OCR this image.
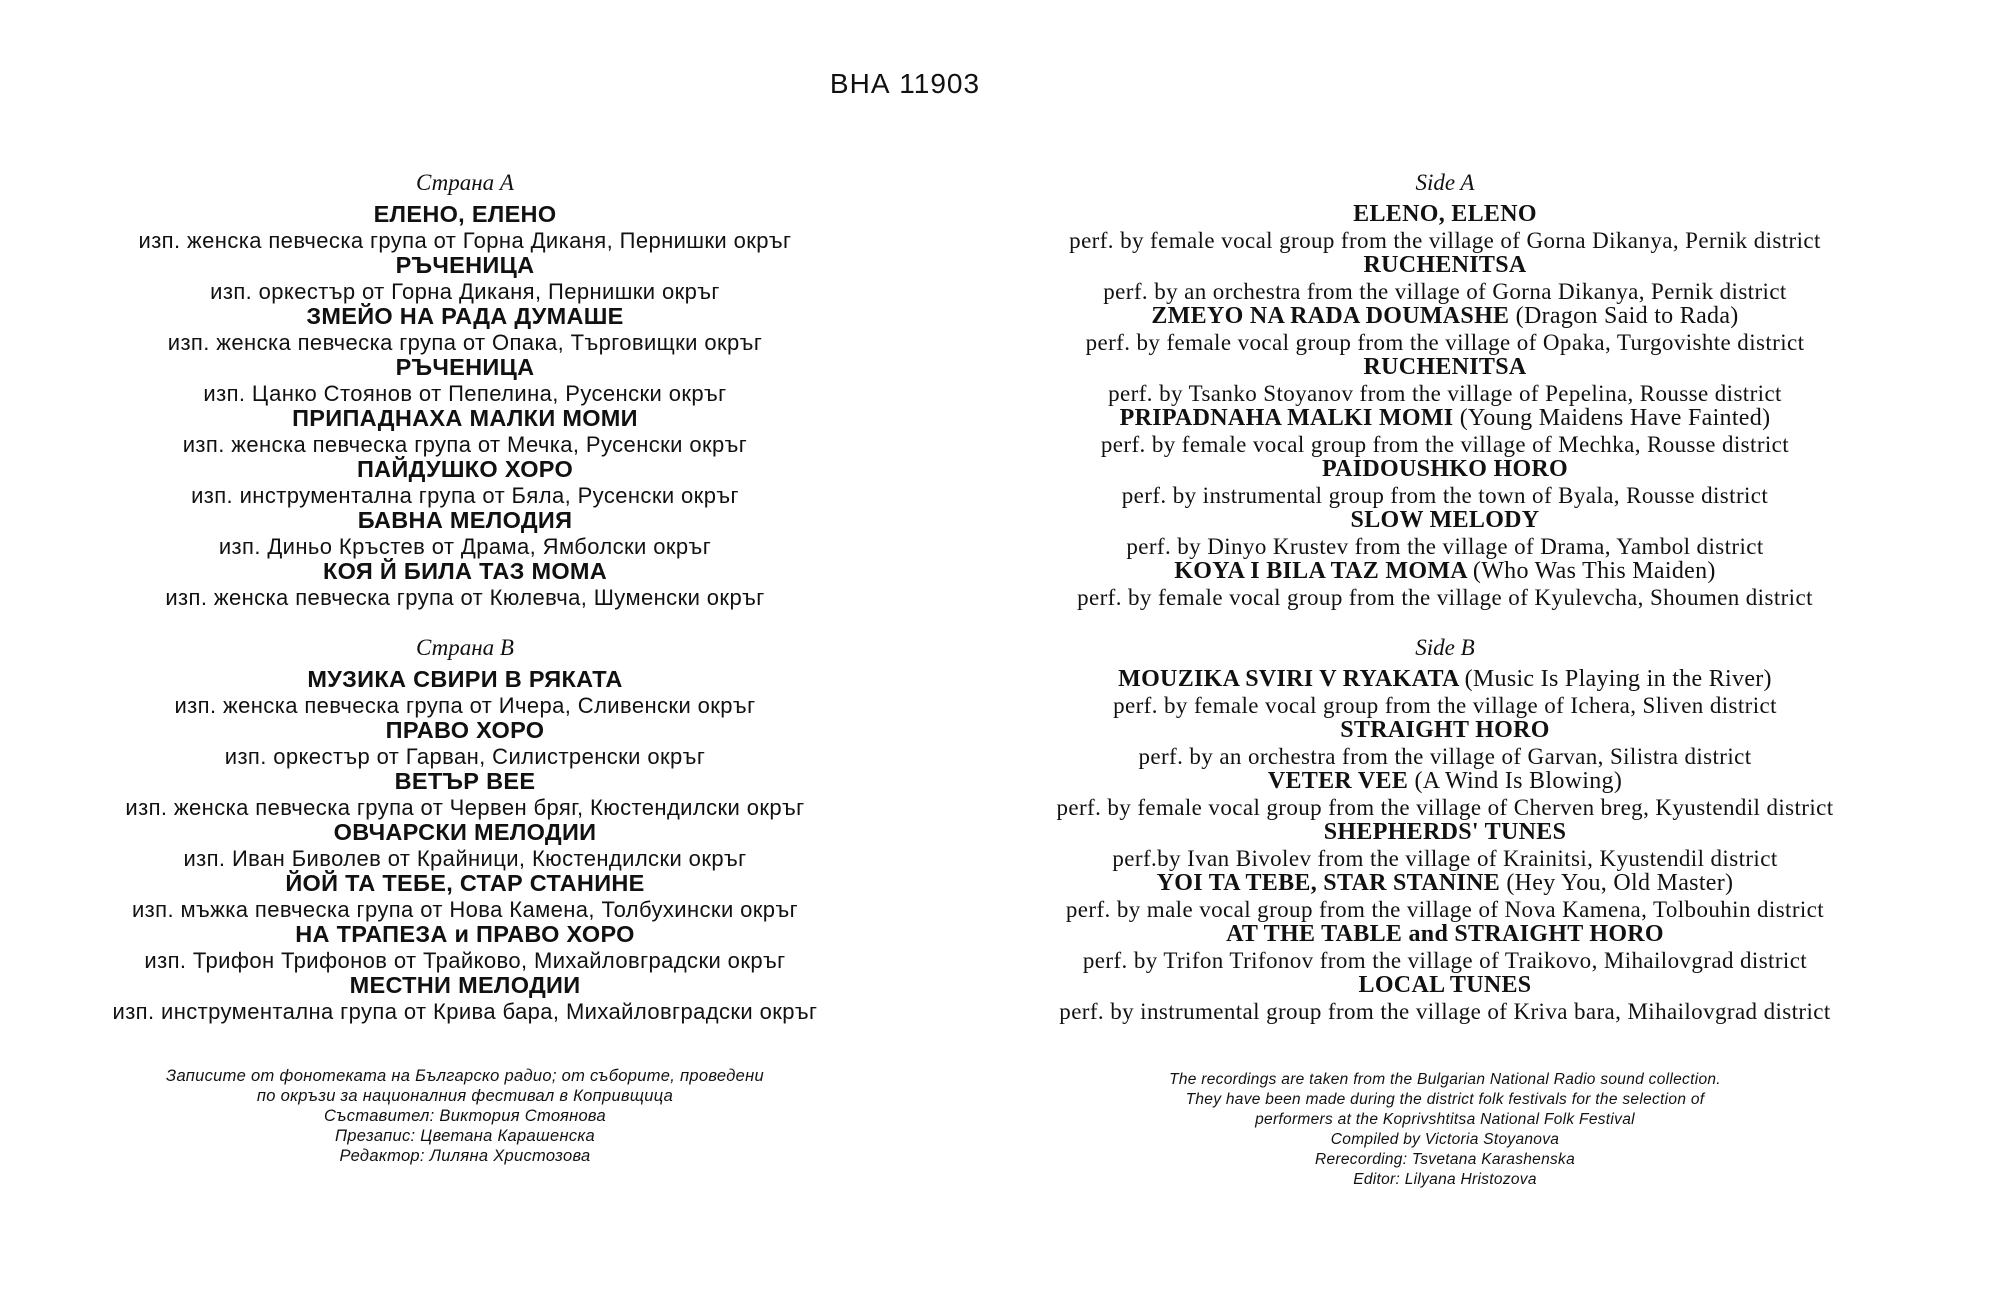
ВНА 11903
Страна А
ЕЛЕНО, ЕЛЕНО
изп. женска певческа група от Горна Диканя, Пернишки окръг
РЪЧЕНИЦА
изп. оркестър от Горна Диканя, Пернишки окръг
ЗМЕЙО НА РАДА ДУМАШЕ
изп. женска певческа група от Опака, Търговищки окръг
РЪЧЕНИЦА
изп. Цанко Стоянов от Пепелина, Русенски окръг
ПРИПАДНАХА МАЛКИ МОМИ
изп. женска певческа група от Мечка, Русенски окръг
ПАЙДУШКО ХОРО
изп. инструментална група от Бяла, Русенски окръг
БАВНА МЕЛОДИЯ
изп. Диньо Кръстев от Драма, Ямболски окръг
КОЯ Й БИЛА ТАЗ МОМА
изп. женска певческа група от Кюлевча, Шуменски окръг
Страна В
МУЗИКА СВИРИ В РЯКАТА
изп. женска певческа група от Ичера, Сливенски окръг
ПРАВО ХОРО
изп. оркестър от Гарван, Силистренски окръг
ВЕТЪР ВЕЕ
изп. женска певческа група от Червен бряг, Кюстендилски окръг
ОВЧАРСКИ МЕЛОДИИ
изп. Иван Биволев от Крайници, Кюстендилски окръг
ЙОЙ ТА ТЕБЕ, СТАР СТАНИНЕ
изп. мъжка певческа група от Нова Камена, Толбухински окръг
НА ТРАПЕЗА и ПРАВО ХОРО
изп. Трифон Трифонов от Трайково, Михайловградски окръг
МЕСТНИ МЕЛОДИИ
изп. инструментална група от Крива бара, Михайловградски окръг
Side A
ELENO, ELENO
perf. by female vocal group from the village of Gorna Dikanya, Pernik district
RUCHENITSA
perf. by an orchestra from the village of Gorna Dikanya, Pernik district
ZMEYO NA RADA DOUMASHE (Dragon Said to Rada)
perf. by female vocal group from the village of Opaka, Turgovishte district
RUCHENITSA
perf. by Tsanko Stoyanov from the village of Pepelina, Rousse district
PRIPADNAHA MALKI MOMI (Young Maidens Have Fainted)
perf. by female vocal group from the village of Mechka, Rousse district
PAIDOUSHKO HORO
perf. by instrumental group from the town of Byala, Rousse district
SLOW MELODY
perf. by Dinyo Krustev from the village of Drama, Yambol district
KOYA I BILA TAZ MOMA (Who Was This Maiden)
perf. by female vocal group from the village of Kyulevcha, Shoumen district
Side B
MOUZIKA SVIRI V RYAKATA (Music Is Playing in the River)
perf. by female vocal group from the village of Ichera, Sliven district
STRAIGHT HORO
perf. by an orchestra from the village of Garvan, Silistra district
VETER VEE (A Wind Is Blowing)
perf. by female vocal group from the village of Cherven breg, Kyustendil district
SHEPHERDS' TUNES
perf.by Ivan Bivolev from the village of Krainitsi, Kyustendil district
YOI TA TEBE, STAR STANINE (Hey You, Old Master)
perf. by male vocal group from the village of Nova Kamena, Tolbouhin district
AT THE TABLE and STRAIGHT HORO
perf. by Trifon Trifonov from the village of Traikovo, Mihailovgrad district
LOCAL TUNES
perf. by instrumental group from the village of Kriva bara, Mihailovgrad district
Записите от фонотеката на Българско радио; от съборите, проведени
по окръзи за националния фестивал в Копривщица
Съставител: Виктория Стоянова
Презапис: Цветана Карашенска
Редактор: Лиляна Христозова
The recordings are taken from the Bulgarian National Radio sound collection.
They have been made during the district folk festivals for the selection of
performers at the Koprivshtitsa National Folk Festival
Compiled by Victoria Stoyanova
Rerecording: Tsvetana Karashenska
Editor: Lilyana Hristozova
